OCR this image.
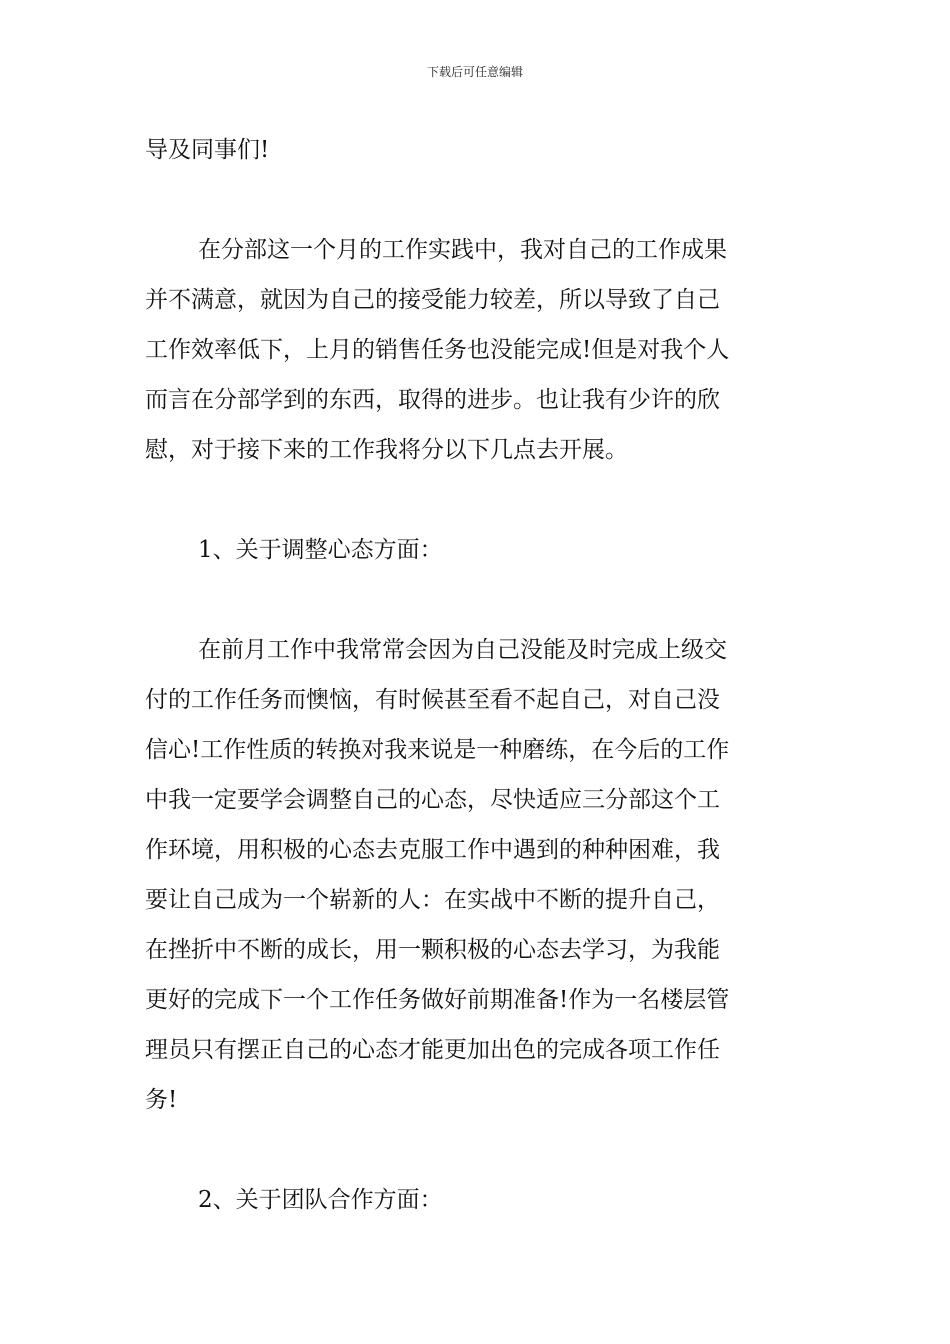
下载后可任意编辑
导及同事们!
在分部这一个月的工作实践中，我对自己的工作成果
并不满意，就因为自己的接受能力较差，所以导致了自己
工作效率低下，上月的销售任务也没能完成!但是对我个人
而言在分部学到的东西，取得的进步。也让我有少许的欣
慰，对于接下来的工作我将分以下几点去开展。
1、关于调整心态方面：
在前月工作中我常常会因为自己没能及时完成上级交
付的工作任务而懊恼，有时候甚至看不起自己，对自己没
信心!工作性质的转换对我来说是一种磨练，在今后的工作
中我一定要学会调整自己的心态，尽快适应三分部这个工
作环境，用积极的心态去克服工作中遇到的种种困难，我
要让自己成为一个崭新的人：在实战中不断的提升自己，
在挫折中不断的成长，用一颗积极的心态去学习，为我能
更好的完成下一个工作任务做好前期准备!作为一名楼层管
理员只有摆正自己的心态才能更加出色的完成各项工作任
务!
2、关于团队合作方面：
